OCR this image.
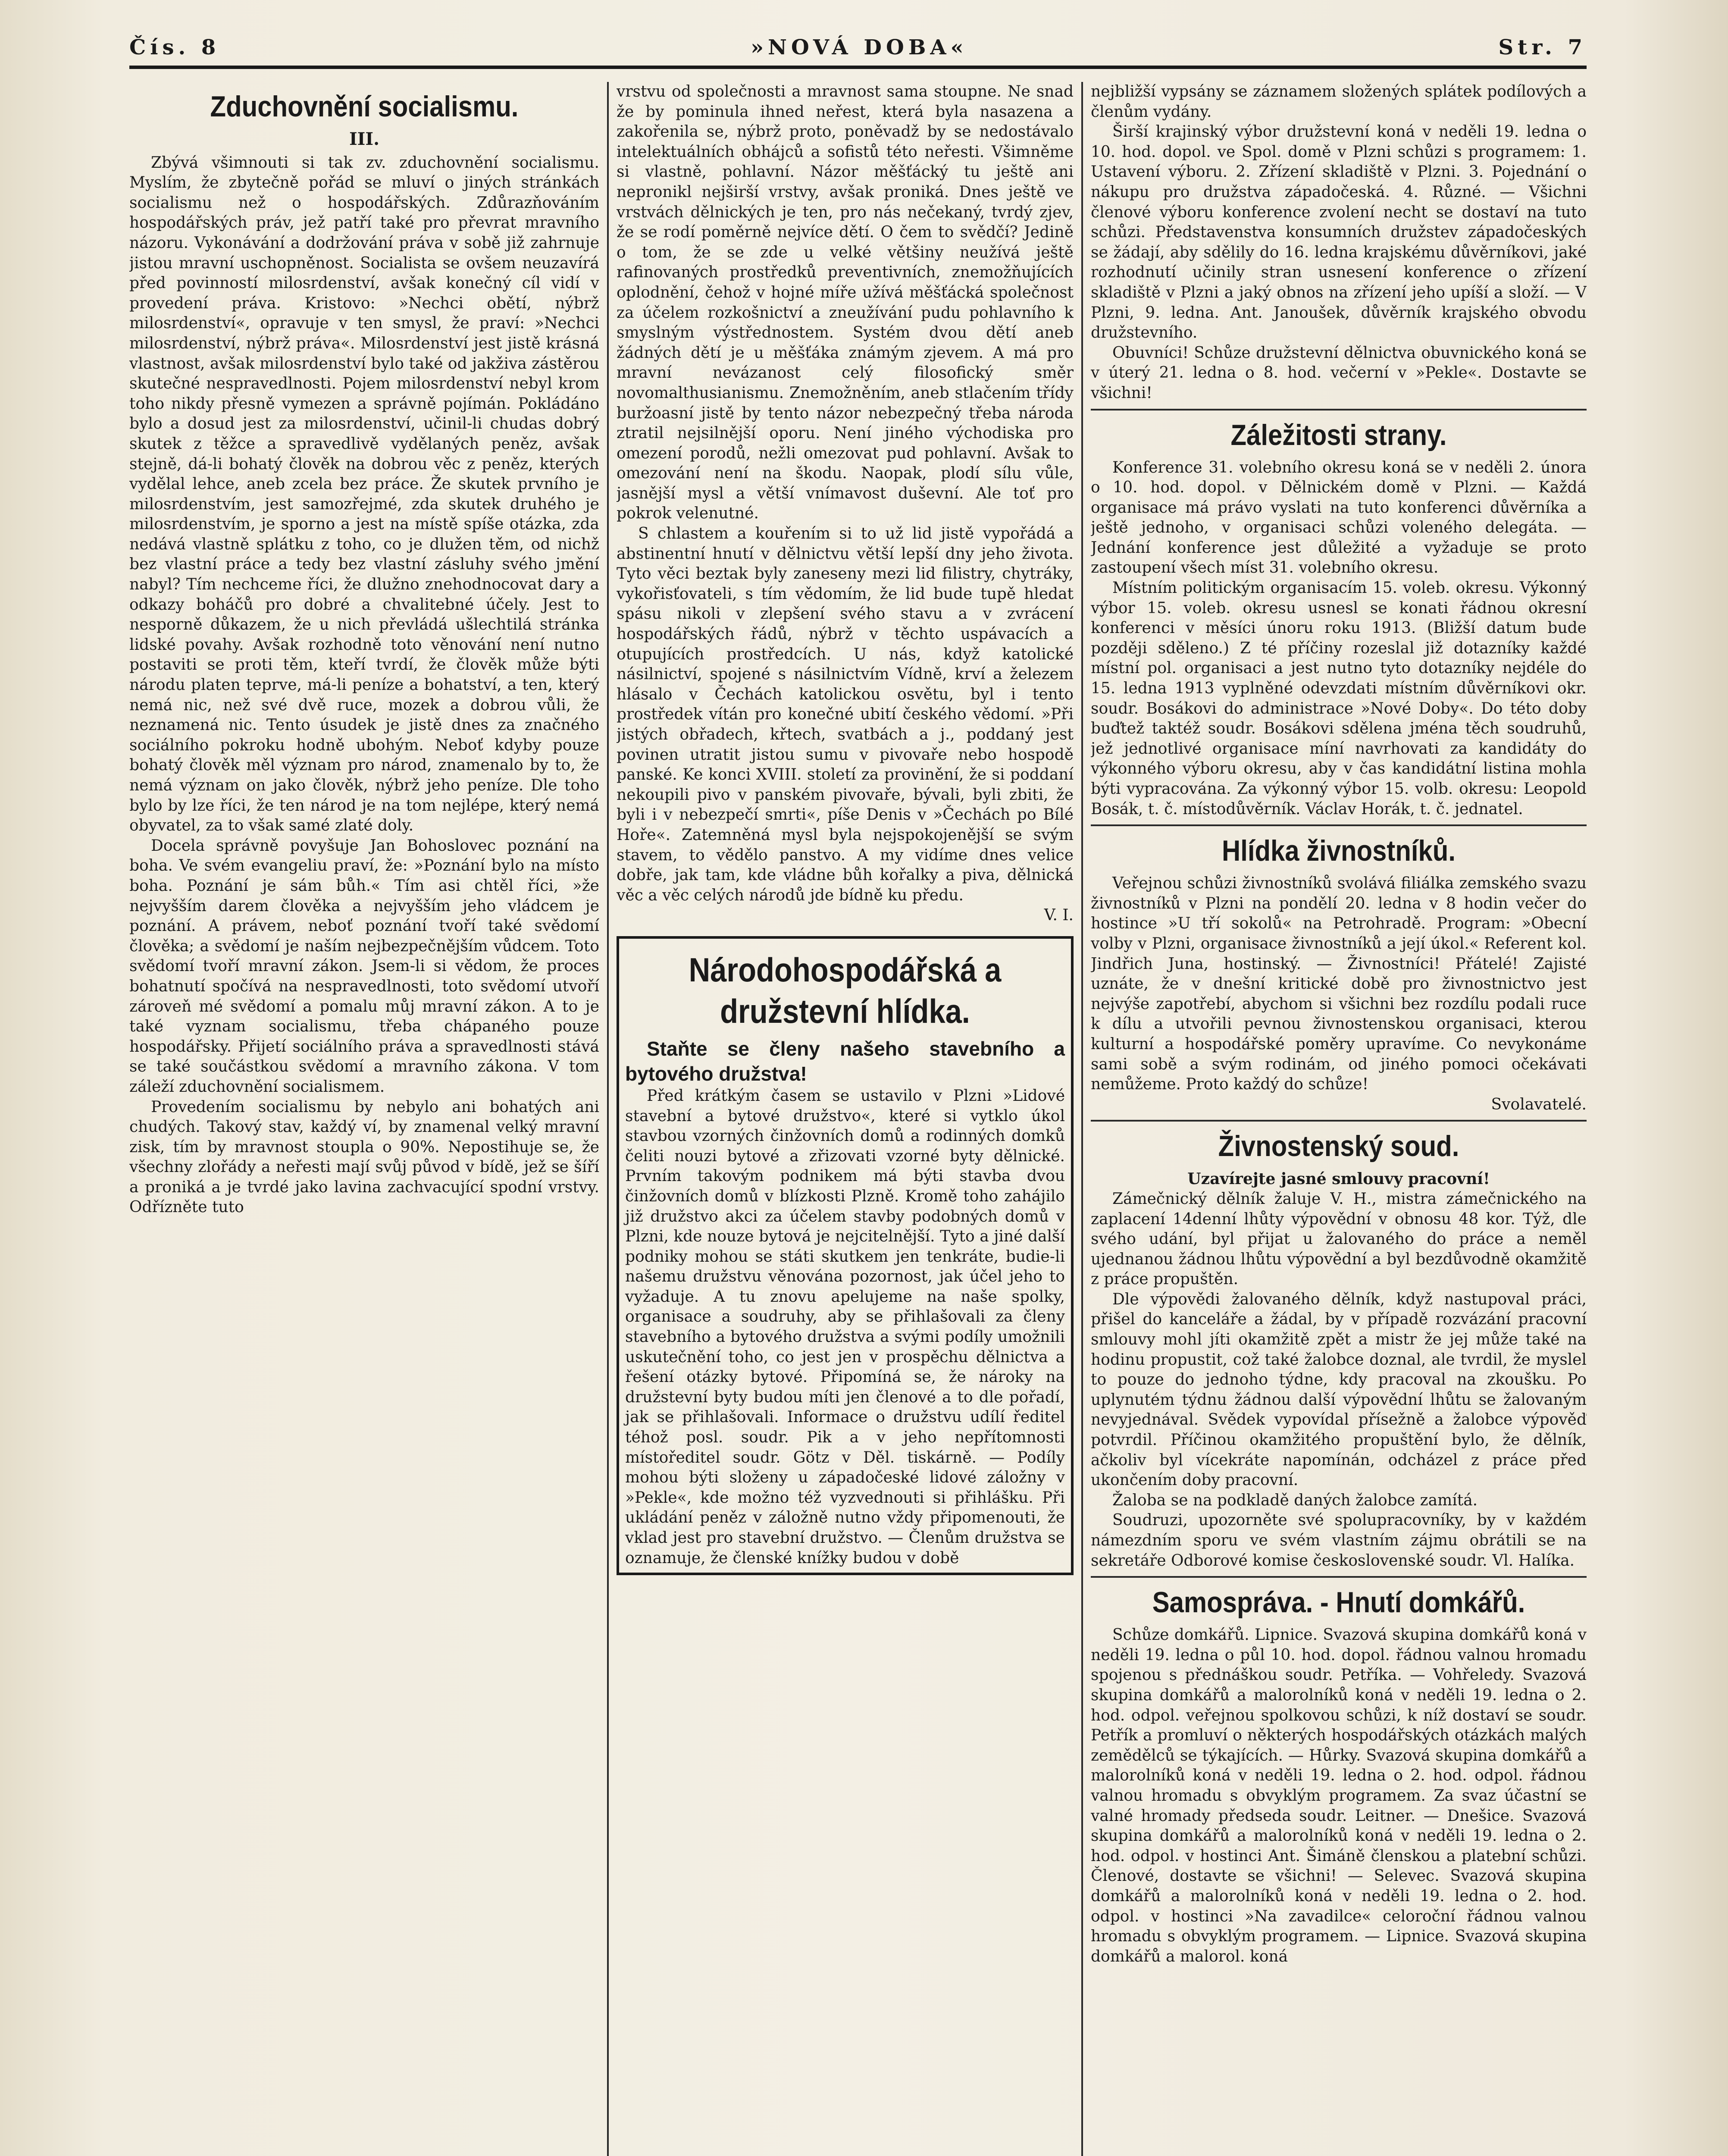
Čís. 8	»NOVÁ DOBA«	Str. 7
Zduchovnění socialismu.
III.

Zbývá všimnouti si tak zv. zduchovnění socialismu. Myslím, že zbytečně pořád se mluví o jiných stránkách socialismu než o hospodářských. Zdůrazňováním hospodářských práv, jež patří také pro převrat mravního názoru. Vykonávání a dodržování práva v sobě již zahrnuje jistou mravní uschopněnost. Socialista se ovšem neuzavírá před povinností milosrdenství, avšak konečný cíl vidí v provedení práva. Kristovo: »Nechci obětí, nýbrž milosrdenství«, opravuje v ten smysl, že praví: »Nechci milosrdenství, nýbrž práva«. Milosrdenství jest jistě krásná vlastnost, avšak milosrdenství bylo také od jakživa zástěrou skutečné nespravedlnosti. Pojem milosrdenství nebyl krom toho nikdy přesně vymezen a správně pojímán. Pokládáno bylo a dosud jest za milosrdenství, učinil-li chudas dobrý skutek z těžce a spravedlivě vydělaných peněz, avšak stejně, dá-li bohatý člověk na dobrou věc z peněz, kterých vydělal lehce, aneb zcela bez práce. Že skutek prvního je milosrdenstvím, jest samozřejmé, zda skutek druhého je milosrdenstvím, je sporno a jest na místě spíše otázka, zda nedává vlastně splátku z toho, co je dlužen těm, od nichž bez vlastní práce a tedy bez vlastní zásluhy svého jmění nabyl? Tím nechceme říci, že dlužno znehodnocovat dary a odkazy boháčů pro dobré a chvalitebné účely. Jest to nesporně důkazem, že u nich převládá ušlechtilá stránka lidské povahy. Avšak rozhodně toto věnování není nutno postaviti se proti těm, kteří tvrdí, že člověk může býti národu platen teprve, má-li peníze a bohatství, a ten, který nemá nic, než své dvě ruce, mozek a dobrou vůli, že neznamená nic. Tento úsudek je jistě dnes za značného sociálního pokroku hodně ubohým. Neboť kdyby pouze bohatý člověk měl význam pro národ, znamenalo by to, že nemá význam on jako člověk, nýbrž jeho peníze. Dle toho bylo by lze říci, že ten národ je na tom nejlépe, který nemá obyvatel, za to však samé zlaté doly.

Docela správně povyšuje Jan Bohoslovec poznání na boha. Ve svém evangeliu praví, že: »Poznání bylo na místo boha. Poznání je sám bůh.« Tím asi chtěl říci, »že nejvyšším darem člověka a nejvyšším jeho vládcem je poznání. A právem, neboť poznání tvoří také svědomí člověka; a svědomí je naším nejbezpečnějším vůdcem. Toto svědomí tvoří mravní zákon. Jsem-li si vědom, že proces bohatnutí spočívá na nespravedlnosti, toto svědomí utvoří zároveň mé svědomí a pomalu můj mravní zákon. A to je také vyznam socialismu, třeba chápaného pouze hospodářsky. Přijetí sociálního práva a spravedlnosti stává se také součástkou svědomí a mravního zákona. V tom záleží zduchovnění socialismem.

Provedením socialismu by nebylo ani bohatých ani chudých. Takový stav, každý ví, by znamenal velký mravní zisk, tím by mravnost stoupla o 90%. Nepostihuje se, že všechny zlořády a neřesti mají svůj původ v bídě, jež se šíří a proniká a je tvrdé jako lavina zachvacující spodní vrstvy. Odřízněte tuto

vrstvu od společnosti a mravnost sama stoupne. Ne snad že by pominula ihned neřest, která byla nasazena a zakořenila se, nýbrž proto, poněvadž by se nedostávalo intelektuálních obhájců a sofistů této neřesti. Všimněme si vlastně, pohlavní. Názor měšťácký tu ještě ani nepronikl nejširší vrstvy, avšak proniká. Dnes ještě ve vrstvách dělnických je ten, pro nás nečekaný, tvrdý zjev, že se rodí poměrně nejvíce dětí. O čem to svědčí? Jedině o tom, že se zde u velké většiny neužívá ještě rafinovaných prostředků preventivních, znemožňujících oplodnění, čehož v hojné míře užívá měšťácká společnost za účelem rozkošnictví a zneužívání pudu pohlavního k smyslným výstřednostem. Systém dvou dětí aneb žádných dětí je u měšťáka známým zjevem. A má pro mravní nevázanost celý filosofický směr novomalthusianismu. Znemožněním, aneb stlačením třídy buržoasní jistě by tento názor nebezpečný třeba národa ztratil nejsilnější oporu. Není jiného východiska pro omezení porodů, nežli omezovat pud pohlavní. Avšak to omezování není na škodu. Naopak, plodí sílu vůle, jasnější mysl a větší vnímavost duševní. Ale toť pro pokrok velenutné.

S chlastem a kouřením si to už lid jistě vypořádá a abstinentní hnutí v dělnictvu větší lepší dny jeho života. Tyto věci beztak byly zaneseny mezi lid filistry, chytráky, vykořisťovateli, s tím vědomím, že lid bude tupě hledat spásu nikoli v zlepšení svého stavu a v zvrácení hospodářských řádů, nýbrž v těchto uspávacích a otupujících prostředcích. U nás, když katolické násilnictví, spojené s násilnictvím Vídně, krví a železem hlásalo v Čechách katolickou osvětu, byl i tento prostředek vítán pro konečné ubití českého vědomí. »Při jistých obřadech, křtech, svatbách a j., poddaný jest povinen utratit jistou sumu v pivovaře nebo hospodě panské. Ke konci XVIII. století za provinění, že si poddaní nekoupili pivo v panském pivovaře, bývali, byli zbiti, že byli i v nebezpečí smrti«, píše Denis v »Čechách po Bílé Hoře«. Zatemněná mysl byla nejspokojenější se svým stavem, to vědělo panstvo. A my vidíme dnes velice dobře, jak tam, kde vládne bůh kořalky a piva, dělnická věc a věc celých národů jde bídně ku předu.

V. I.
Národohospodářská a družstevní hlídka.

Staňte se členy našeho stavebního a bytového družstva!

Před krátkým časem se ustavilo v Plzni »Lidové stavební a bytové družstvo«, které si vytklo úkol stavbou vzorných činžovních domů a rodinných domků čeliti nouzi bytové a zřizovati vzorné byty dělnické. Prvním takovým podnikem má býti stavba dvou činžovních domů v blízkosti Plzně. Kromě toho zahájilo již družstvo akci za účelem stavby podobných domů v Plzni, kde nouze bytová je nejcitelnější. Tyto a jiné další podniky mohou se státi skutkem jen tenkráte, budie-li našemu družstvu věnována pozornost, jak účel jeho to vyžaduje. A tu znovu apelujeme na naše spolky, organisace a soudruhy, aby se přihlašovali za členy stavebního a bytového družstva a svými podíly umožnili uskutečnění toho, co jest jen v prospěchu dělnictva a řešení otázky bytové. Připomíná se, že nároky na družstevní byty budou míti jen členové a to dle pořadí, jak se přihlašovali. Informace o družstvu udílí ředitel téhož posl. soudr. Pik a v jeho nepřítomnosti místoředitel soudr. Götz v Děl. tiskárně. — Podíly mohou býti složeny u západočeské lidové záložny v »Pekle«, kde možno též vyzvednouti si přihlášku. Při ukládání peněz v záložně nutno vždy připomenouti, že vklad jest pro stavební družstvo. — Členům družstva se oznamuje, že členské knížky budou v době

nejbližší vypsány se záznamem složených splátek podílových a členům vydány.

Širší krajinský výbor družstevní koná v neděli 19. ledna o 10. hod. dopol. ve Spol. domě v Plzni schůzi s programem: 1. Ustavení výboru. 2. Zřízení skladiště v Plzni. 3. Pojednání o nákupu pro družstva západočeská. 4. Různé. — Všichni členové výboru konference zvolení necht se dostaví na tuto schůzi. Představenstva konsumních družstev západočeských se žádají, aby sdělily do 16. ledna krajskému důvěrníkovi, jaké rozhodnutí učinily stran usnesení konference o zřízení skladiště v Plzni a jaký obnos na zřízení jeho upíší a složí. — V Plzni, 9. ledna. Ant. Janoušek, důvěrník krajského obvodu družstevního.

Obuvníci! Schůze družstevní dělnictva obuvnického koná se v úterý 21. ledna o 8. hod. večerní v »Pekle«. Dostavte se všichni!

Záležitosti strany.

Konference 31. volebního okresu koná se v neděli 2. února o 10. hod. dopol. v Dělnickém domě v Plzni. — Každá organisace má právo vyslati na tuto konferenci důvěrníka a ještě jednoho, v organisaci schůzi voleného delegáta. — Jednání konference jest důležité a vyžaduje se proto zastoupení všech míst 31. volebního okresu.

Místním politickým organisacím 15. voleb. okresu. Výkonný výbor 15. voleb. okresu usnesl se konati řádnou okresní konferenci v měsíci únoru roku 1913. (Bližší datum bude později sděleno.) Z té příčiny rozeslal již dotazníky každé místní pol. organisaci a jest nutno tyto dotazníky nejdéle do 15. ledna 1913 vyplněné odevzdati místním důvěrníkovi okr. soudr. Bosákovi do administrace »Nové Doby«. Do této doby buďtež taktéž soudr. Bosákovi sdělena jména těch soudruhů, jež jednotlivé organisace míní navrhovati za kandidáty do výkonného výboru okresu, aby v čas kandidátní listina mohla býti vypracována. Za výkonný výbor 15. volb. okresu: Leopold Bosák, t. č. místodůvěrník. Václav Horák, t. č. jednatel.

Hlídka živnostníků.

Veřejnou schůzi živnostníků svolává filiálka zemského svazu živnostníků v Plzni na pondělí 20. ledna v 8 hodin večer do hostince »U tří sokolů« na Petrohradě. Program: »Obecní volby v Plzni, organisace živnostníků a její úkol.« Referent kol. Jindřich Juna, hostinský. — Živnostníci! Přátelé! Zajisté uznáte, že v dnešní kritické době pro živnostnictvo jest nejvýše zapotřebí, abychom si všichni bez rozdílu podali ruce k dílu a utvořili pevnou živnostenskou organisaci, kterou kulturní a hospodářské poměry upravíme. Co nevykonáme sami sobě a svým rodinám, od jiného pomoci očekávati nemůžeme. Proto každý do schůze!

Svolavatelé.
Živnostenský soud.
Uzavírejte jasné smlouvy pracovní!

Zámečnický dělník žaluje V. H., mistra zámečnického na zaplacení 14denní lhůty výpovědní v obnosu 48 kor. Týž, dle svého udání, byl přijat u žalovaného do práce a neměl ujednanou žádnou lhůtu výpovědní a byl bezdůvodně okamžitě z práce propuštěn.

Dle výpovědi žalovaného dělník, když nastupoval práci, přišel do kanceláře a žádal, by v případě rozvázání pracovní smlouvy mohl jíti okamžitě zpět a mistr že jej může také na hodinu propustit, což také žalobce doznal, ale tvrdil, že myslel to pouze do jednoho týdne, kdy pracoval na zkoušku. Po uplynutém týdnu žádnou další výpovědní lhůtu se žalovaným nevyjednával. Svědek vypovídal přísežně a žalobce výpověď potvrdil. Příčinou okamžitého propuštění bylo, že dělník, ačkoliv byl vícekráte napomínán, odcházel z práce před ukončením doby pracovní.

Žaloba se na podkladě daných žalobce zamítá.

Soudruzi, upozorněte své spolupracovníky, by v každém námezdním sporu ve svém vlastním zájmu obrátili se na sekretáře Odborové komise československé soudr. Vl. Halíka.

Samospráva. - Hnutí domkářů.

Schůze domkářů. Lipnice. Svazová skupina domkářů koná v neděli 19. ledna o půl 10. hod. dopol. řádnou valnou hromadu spojenou s přednáškou soudr. Petříka. — Vohřeledy. Svazová skupina domkářů a malorolníků koná v neděli 19. ledna o 2. hod. odpol. veřejnou spolkovou schůzi, k níž dostaví se soudr. Petřík a promluví o některých hospodářských otázkách malých zemědělců se týkajících. — Hůrky. Svazová skupina domkářů a malorolníků koná v neděli 19. ledna o 2. hod. odpol. řádnou valnou hromadu s obvyklým programem. Za svaz účastní se valné hromady předseda soudr. Leitner. — Dnešice. Svazová skupina domkářů a malorolníků koná v neděli 19. ledna o 2. hod. odpol. v hostinci Ant. Šimáně členskou a platební schůzi. Členové, dostavte se všichni! — Selevec. Svazová skupina domkářů a malorolníků koná v neděli 19. ledna o 2. hod. odpol. v hostinci »Na zavadilce« celoroční řádnou valnou hromadu s obvyklým programem. — Lipnice. Svazová skupina domkářů a malorol. koná
